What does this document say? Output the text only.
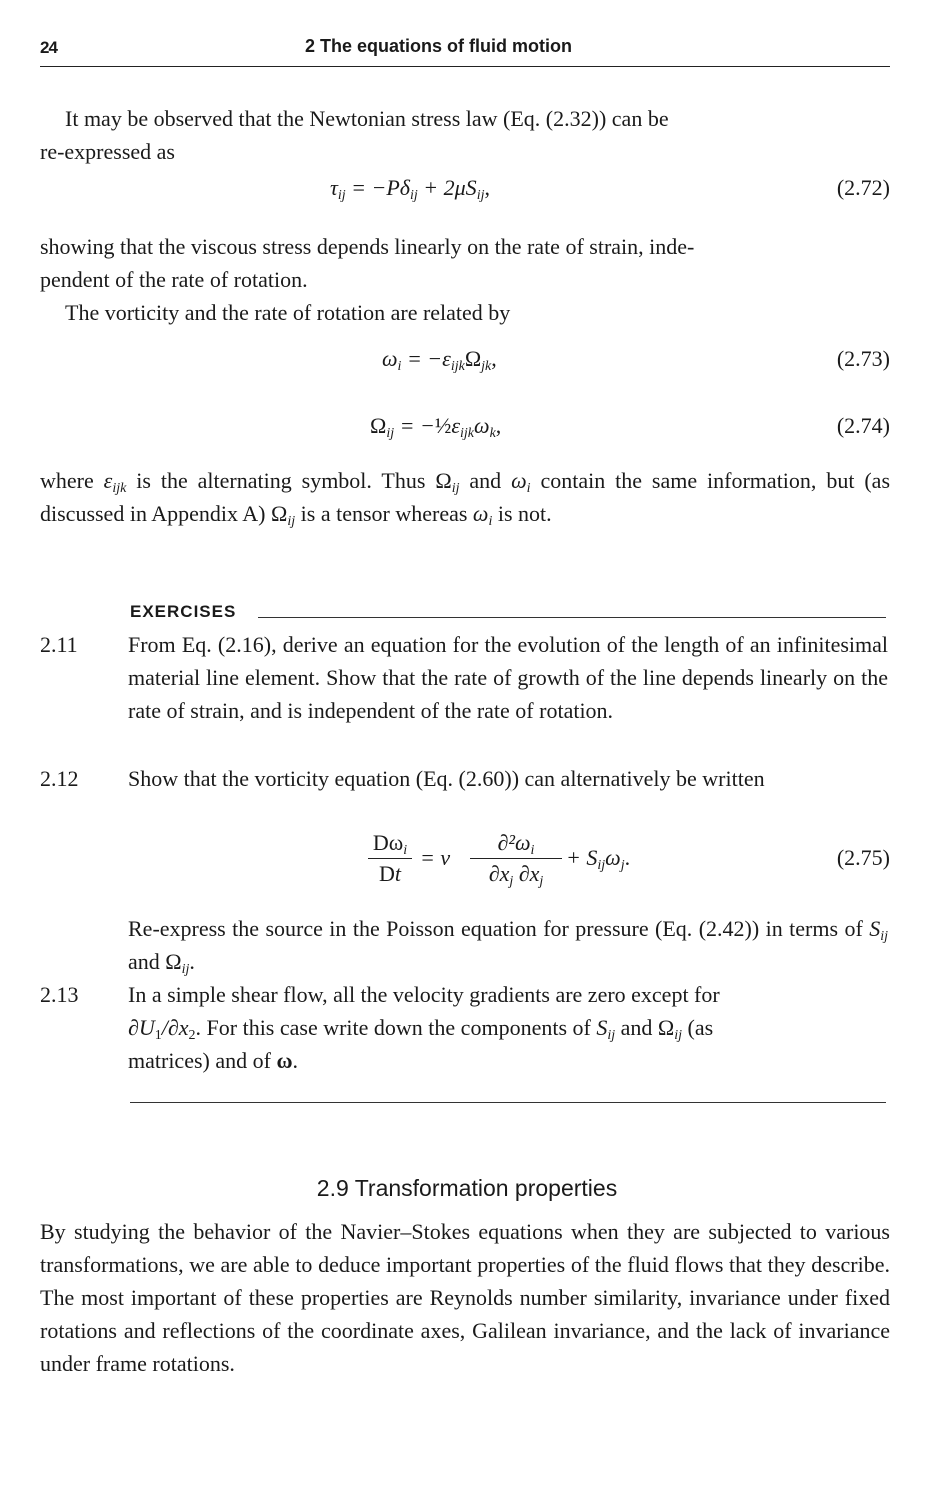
24	2 The equations of fluid motion

It may be observed that the Newtonian stress law (Eq. (2.32)) can be
re-expressed as

$\tau_{ij} = -P\delta_{ij} + 2\mu S_{ij}$,	(2.72)

showing that the viscous stress depends linearly on the rate of strain, inde-
pendent of the rate of rotation.

The vorticity and the rate of rotation are related by

$\omega_i = -\varepsilon_{ijk}\Omega_{jk}$,	(2.73)
$\Omega_{ij}$ = $-\frac{1}{2}\varepsilon_{ijk}\omega_k$,	(2.74)

where $\varepsilon_{ijk}$ is the alternating symbol. Thus $\Omega_{ij}$ and $\omega_i$ contain the same information, but (as discussed in Appendix A) $\Omega_{ij}$ is a tensor whereas $\omega_i$ is not.

EXERCISES
2.11 From Eq. (2.16), derive an equation for the evolution of the length of an infinitesimal material line element. Show that the rate of growth of the line depends linearly on the rate of strain, and is independent of the rate of rotation.

2.12 Show that the vorticity equation (Eq. (2.60)) can alternatively be written

$D\omega_i$
Dt
= ν $\frac{\partial^2\omega_i}{\partial x_j \partial x_j} + S_{ij}\omega_j$.	(2.75)

Re-express the source in the Poisson equation for pressure (Eq. (2.42)) in terms of $S_{ij}$ and $\Omega_{ij}$.

2.13 In a simple shear flow, all the velocity gradients are zero except for
$\partial U_1/\partial x_2$. For this case write down the components of $S_{ij}$ and $\Omega_{ij}$ (as
matrices) and of ω.

2.9 Transformation properties

By studying the behavior of the Navier–Stokes equations when they are subjected to various transformations, we are able to deduce important properties of the fluid flows that they describe. The most important of these properties are Reynolds number similarity, invariance under fixed rotations and reflections of the coordinate axes, Galilean invariance, and the lack of invariance under frame rotations.
